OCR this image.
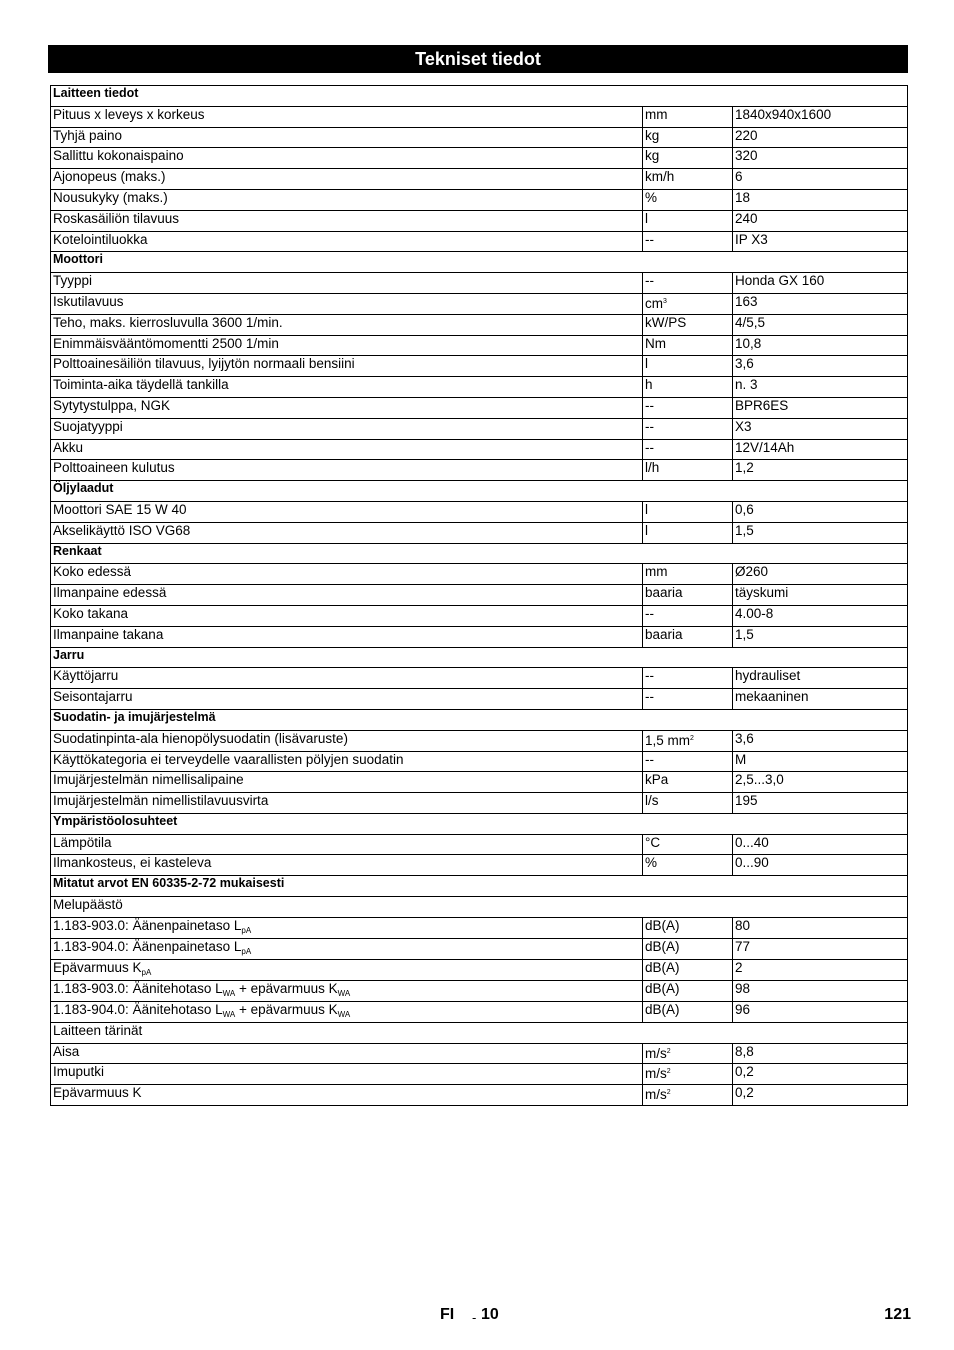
Tekniset tiedot
Laitteen tiedot		
Pituus x leveys x korkeus	mm	1840x940x1600
Tyhjä paino	kg	220
Sallittu kokonaispaino	kg	320
Ajonopeus (maks.)	km/h	6
Nousukyky (maks.)	%	18
Roskasäiliön tilavuus	l	240
Kotelointiluokka	--	IP X3
Moottori		
Tyyppi	--	Honda GX 160
Iskutilavuus	$cm^3$	163
Teho, maks. kierrosluvulla 3600 1/min.	kW/PS	4/5,5
Enimmäisvääntömomentti 2500 1/min	Nm	10,8
Polttoainesäiliön tilavuus, lyijytön normaali bensiini	l	3,6
Toiminta-aika täydellä tankilla	h	n. 3
Sytytystulppa, NGK	--	BPR6ES
Suojatyyppi	--	X3
Akku	--	12V/14Ah
Polttoaineen kulutus	l/h	1,2
Öljylaadut		
Moottori SAE 15 W 40	l	0,6
Akselikäyttö ISO VG68	l	1,5
Renkaat		
Koko edessä	mm	Ø260
Ilmanpaine edessä	baaria	täyskumi
Koko takana	--	4.00-8
Ilmanpaine takana	baaria	1,5
Jarru		
Käyttöjarru	--	hydrauliset
Seisontajarru	--	mekaaninen
Suodatin- ja imujärjestelmä		
Suodatinpinta-ala hienopölysuodatin (lisävaruste)	1,5 $mm^2$	3,6
Käyttökategoria ei terveydelle vaarallisten pölyjen suodatin	--	M
Imujärjestelmän nimellisalipaine	kPa	2,5...3,0
Imujärjestelmän nimellistilavuusvirta	l/s	195
Ympäristöolosuhteet		
Lämpötila	°C	0...40
Ilmankosteus, ei kasteleva	%	0...90
Mitatut arvot EN 60335-2-72 mukaisesti		
Melupäästö		
1.183-903.0: Äänenpainetaso $L_{pA}$	dB(A)	80
1.183-904.0: Äänenpainetaso $L_{pA}$	dB(A)	77
Epävarmuus $K_{pA}$	dB(A)	2
1.183-903.0: Äänitehotaso $L_{WA}$ + epävarmuus $K_{WA}$	dB(A)	98
1.183-904.0: Äänitehotaso $L_{WA}$ + epävarmuus $K_{WA}$	dB(A)	96
Laitteen tärinät		
Aisa	$m/s^2$	8,8
Imuputki	$m/s^2$	0,2
Epävarmuus K	$m/s^2$	0,2
FI - 10	121
